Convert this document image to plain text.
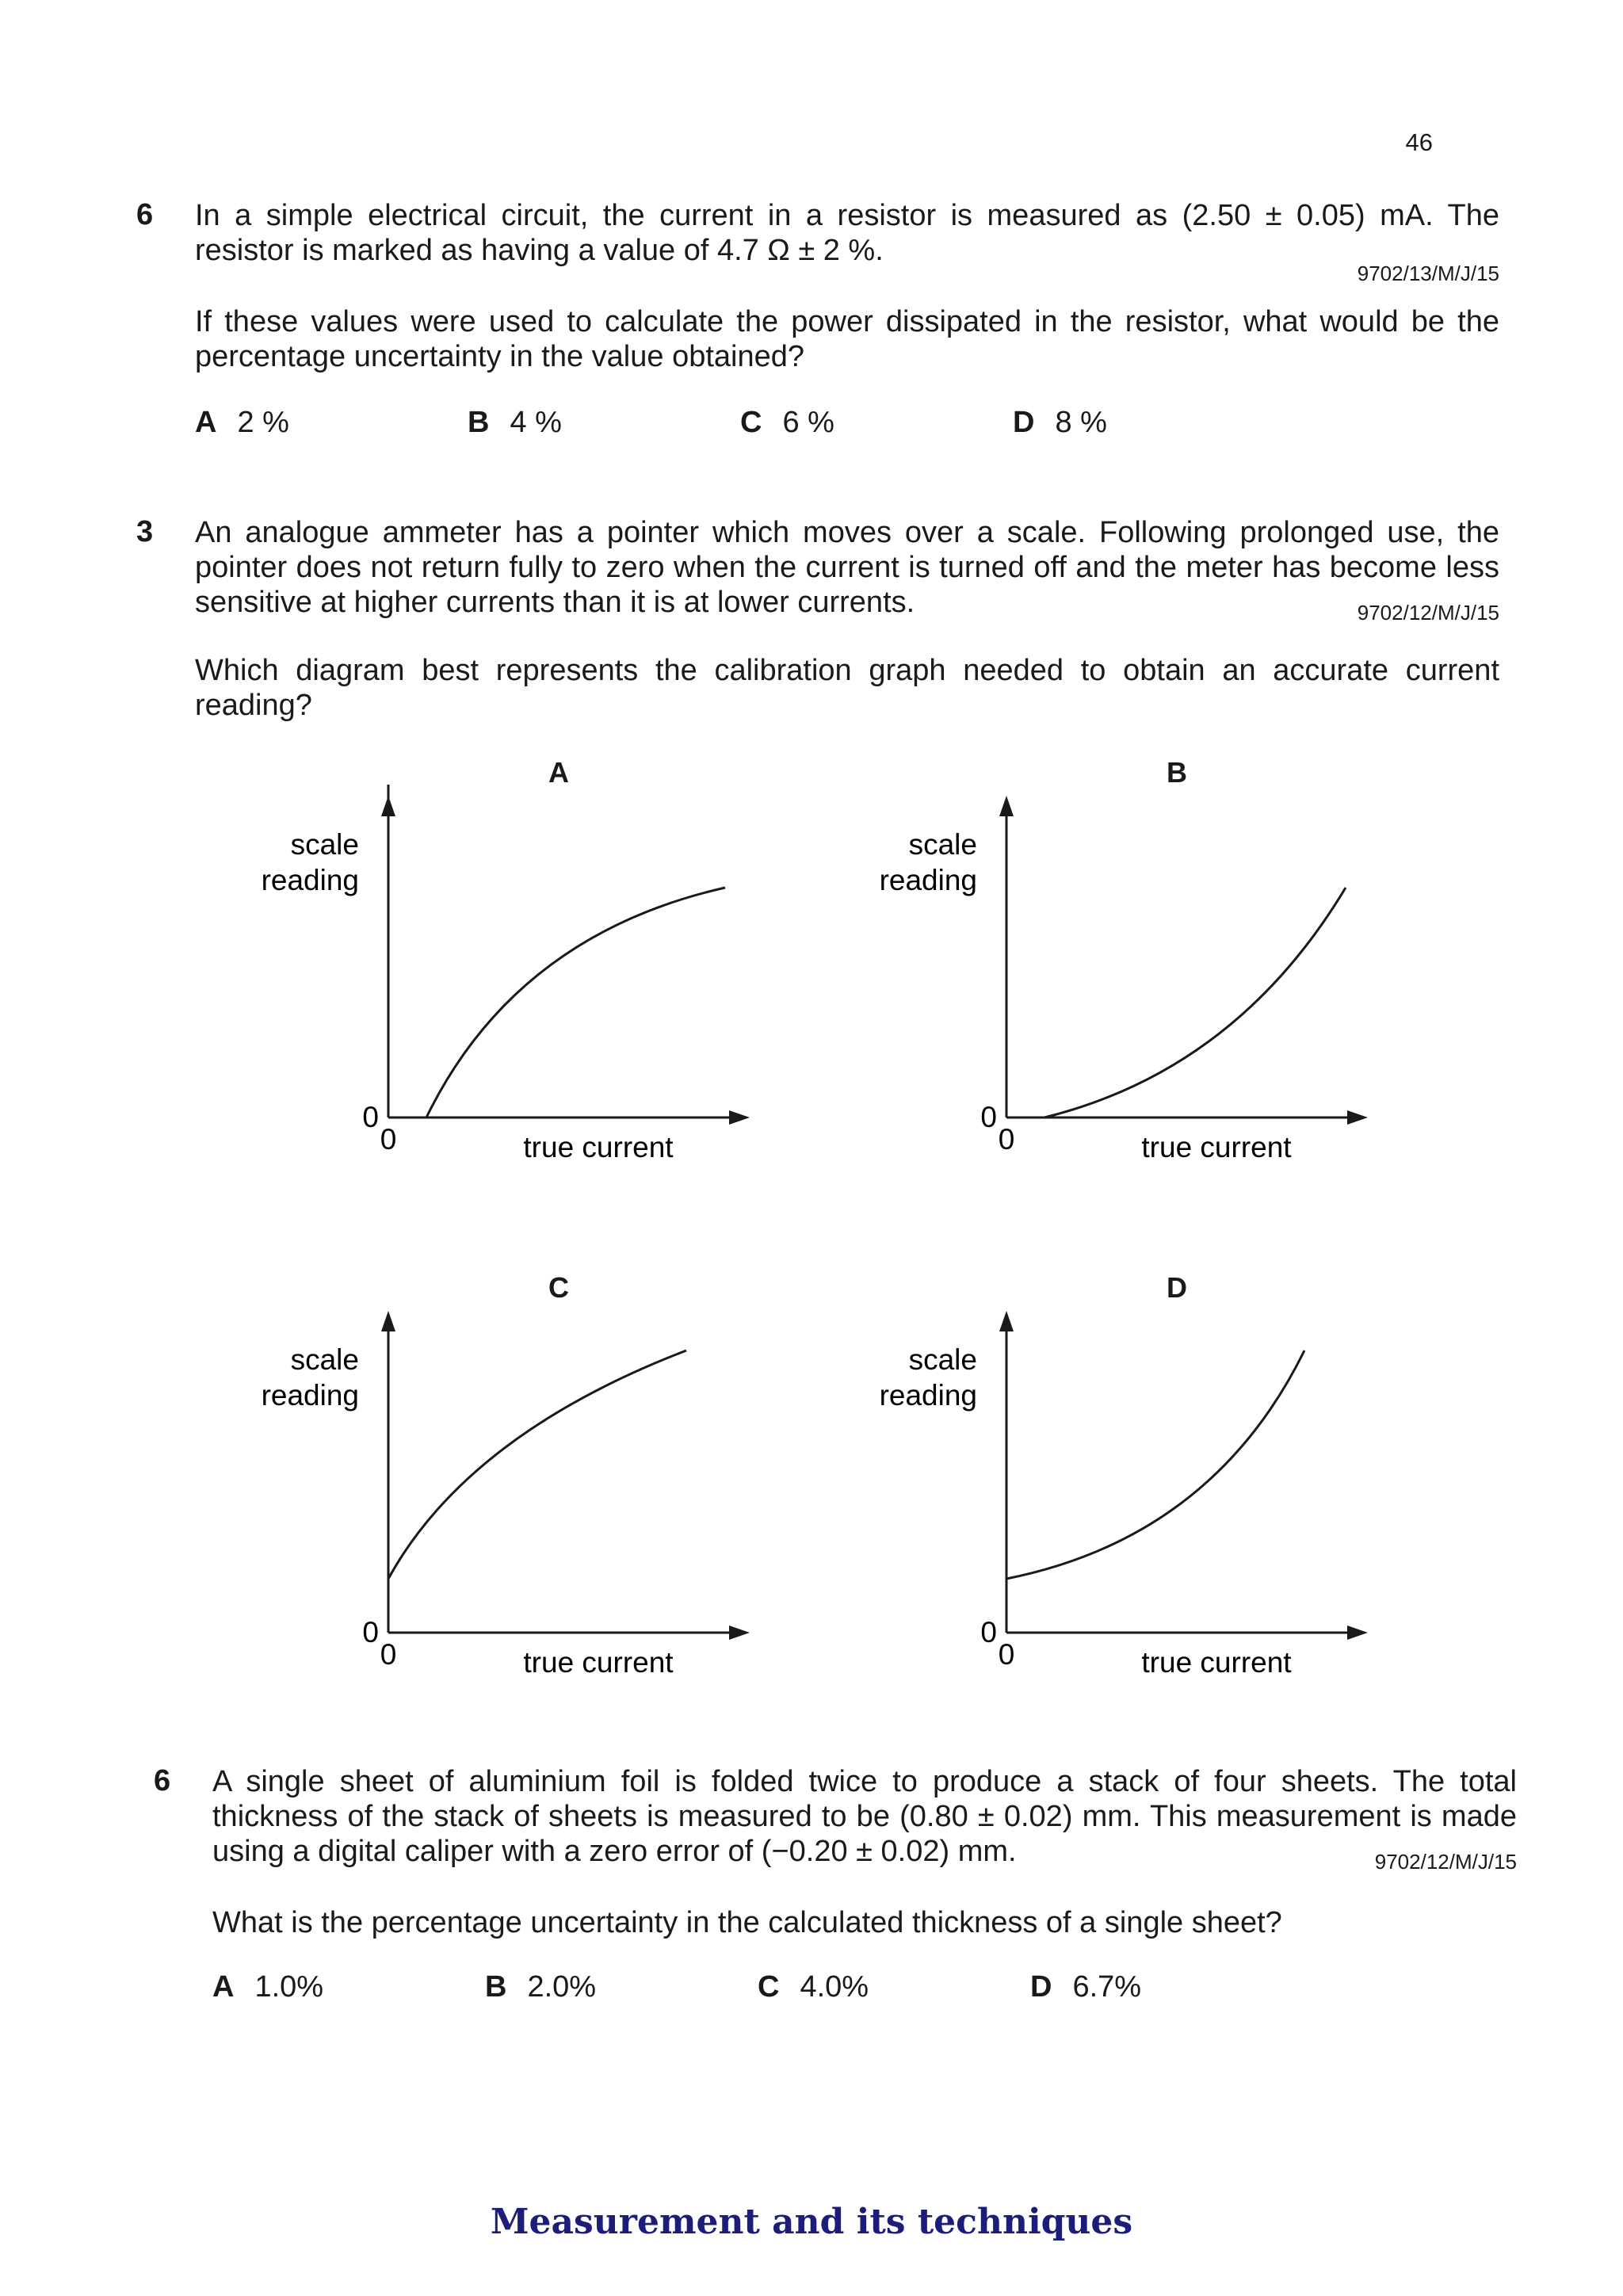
46
6 In a simple electrical circuit, the current in a resistor is measured as (2.50 ± 0.05) mA. The resistor is marked as having a value of 4.7 Ω ± 2 %.
9702/13/M/J/15
If these values were used to calculate the power dissipated in the resistor, what would be the percentage uncertainty in the value obtained?
A 2 %	B 4 %	C 6 %	D 8 %
3 An analogue ammeter has a pointer which moves over a scale. Following prolonged use, the pointer does not return fully to zero when the current is turned off and the meter has become less sensitive at higher currents than it is at lower currents.	9702/12/M/J/15
Which diagram best represents the calibration graph needed to obtain an accurate current reading?
A
scale
reading
0
0	true current
B
scale
reading
0
0	true current
C
scale
reading
0
0	true current
D
scale
reading
0
0	true current
6 A single sheet of aluminium foil is folded twice to produce a stack of four sheets. The total thickness of the stack of sheets is measured to be (0.80 ± 0.02) mm. This measurement is made using a digital caliper with a zero error of (−0.20 ± 0.02) mm.	9702/12/M/J/15
What is the percentage uncertainty in the calculated thickness of a single sheet?
A 1.0%	B 2.0%	C 4.0%	D 6.7%
Measurement and its techniques
